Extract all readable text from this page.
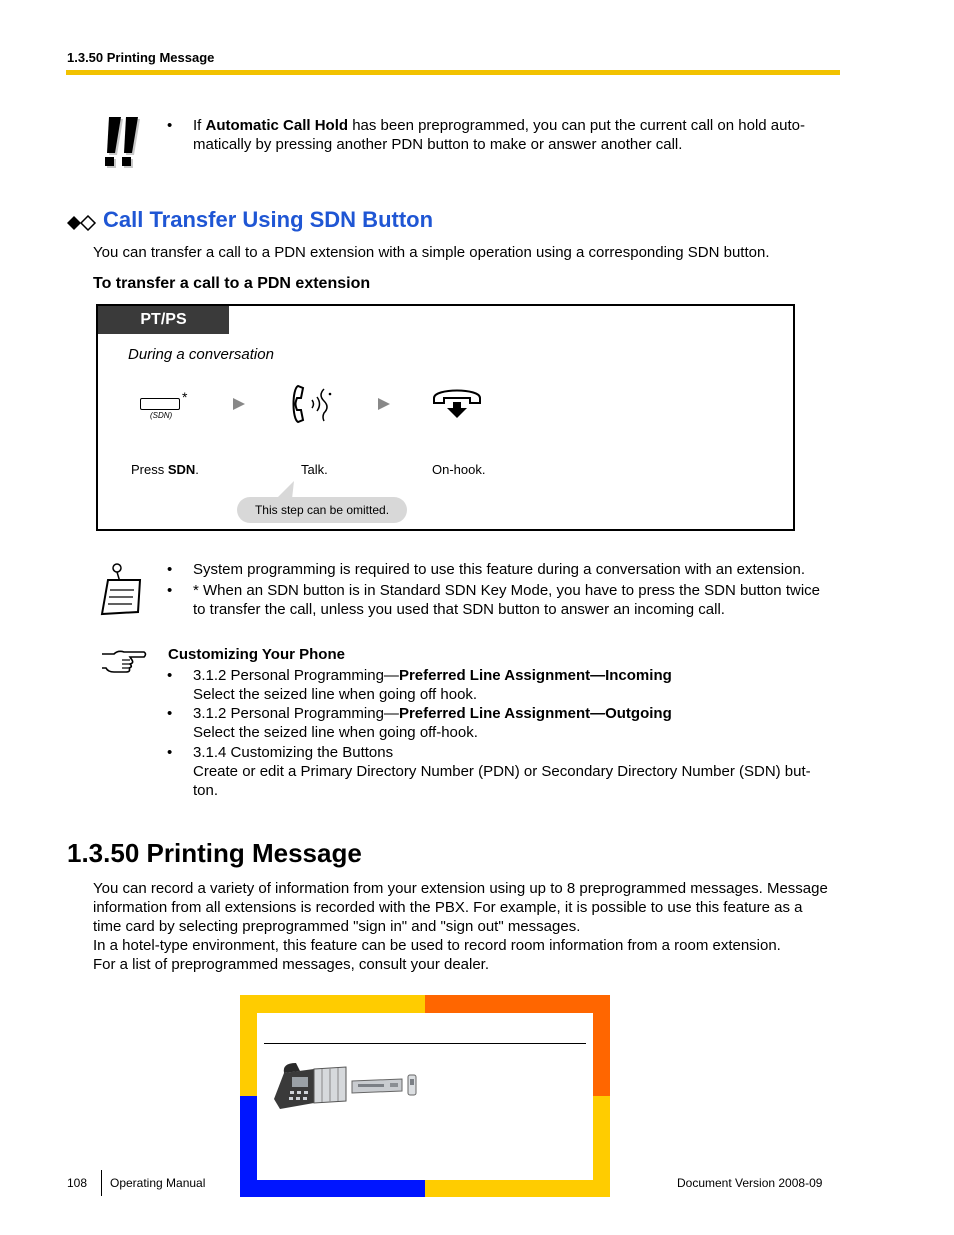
1.3.50 Printing Message
• If Automatic Call Hold has been preprogrammed, you can put the current call on hold auto-
matically by pressing another PDN button to make or answer another call.
Call Transfer Using SDN Button
You can transfer a call to a PDN extension with a simple operation using a corresponding SDN button.
To transfer a call to a PDN extension
PT/PS
During a conversation
*
(SDN)
Press SDN.	Talk.	On-hook.
This step can be omitted.
• System programming is required to use this feature during a conversation with an extension.
• * When an SDN button is in Standard SDN Key Mode, you have to press the SDN button twice
to transfer the call, unless you used that SDN button to answer an incoming call.
Customizing Your Phone
• 3.1.2 Personal Programming—Preferred Line Assignment—Incoming
Select the seized line when going off hook.
• 3.1.2 Personal Programming—Preferred Line Assignment—Outgoing
Select the seized line when going off-hook.
• 3.1.4 Customizing the Buttons
Create or edit a Primary Directory Number (PDN) or Secondary Directory Number (SDN) but-
ton.
1.3.50 Printing Message
You can record a variety of information from your extension using up to 8 preprogrammed messages. Message
information from all extensions is recorded with the PBX. For example, it is possible to use this feature as a
time card by selecting preprogrammed "sign in" and "sign out" messages.
In a hotel-type environment, this feature can be used to record room information from a room extension.
For a list of preprogrammed messages, consult your dealer.
108 Operating Manual	Document Version 2008-09
